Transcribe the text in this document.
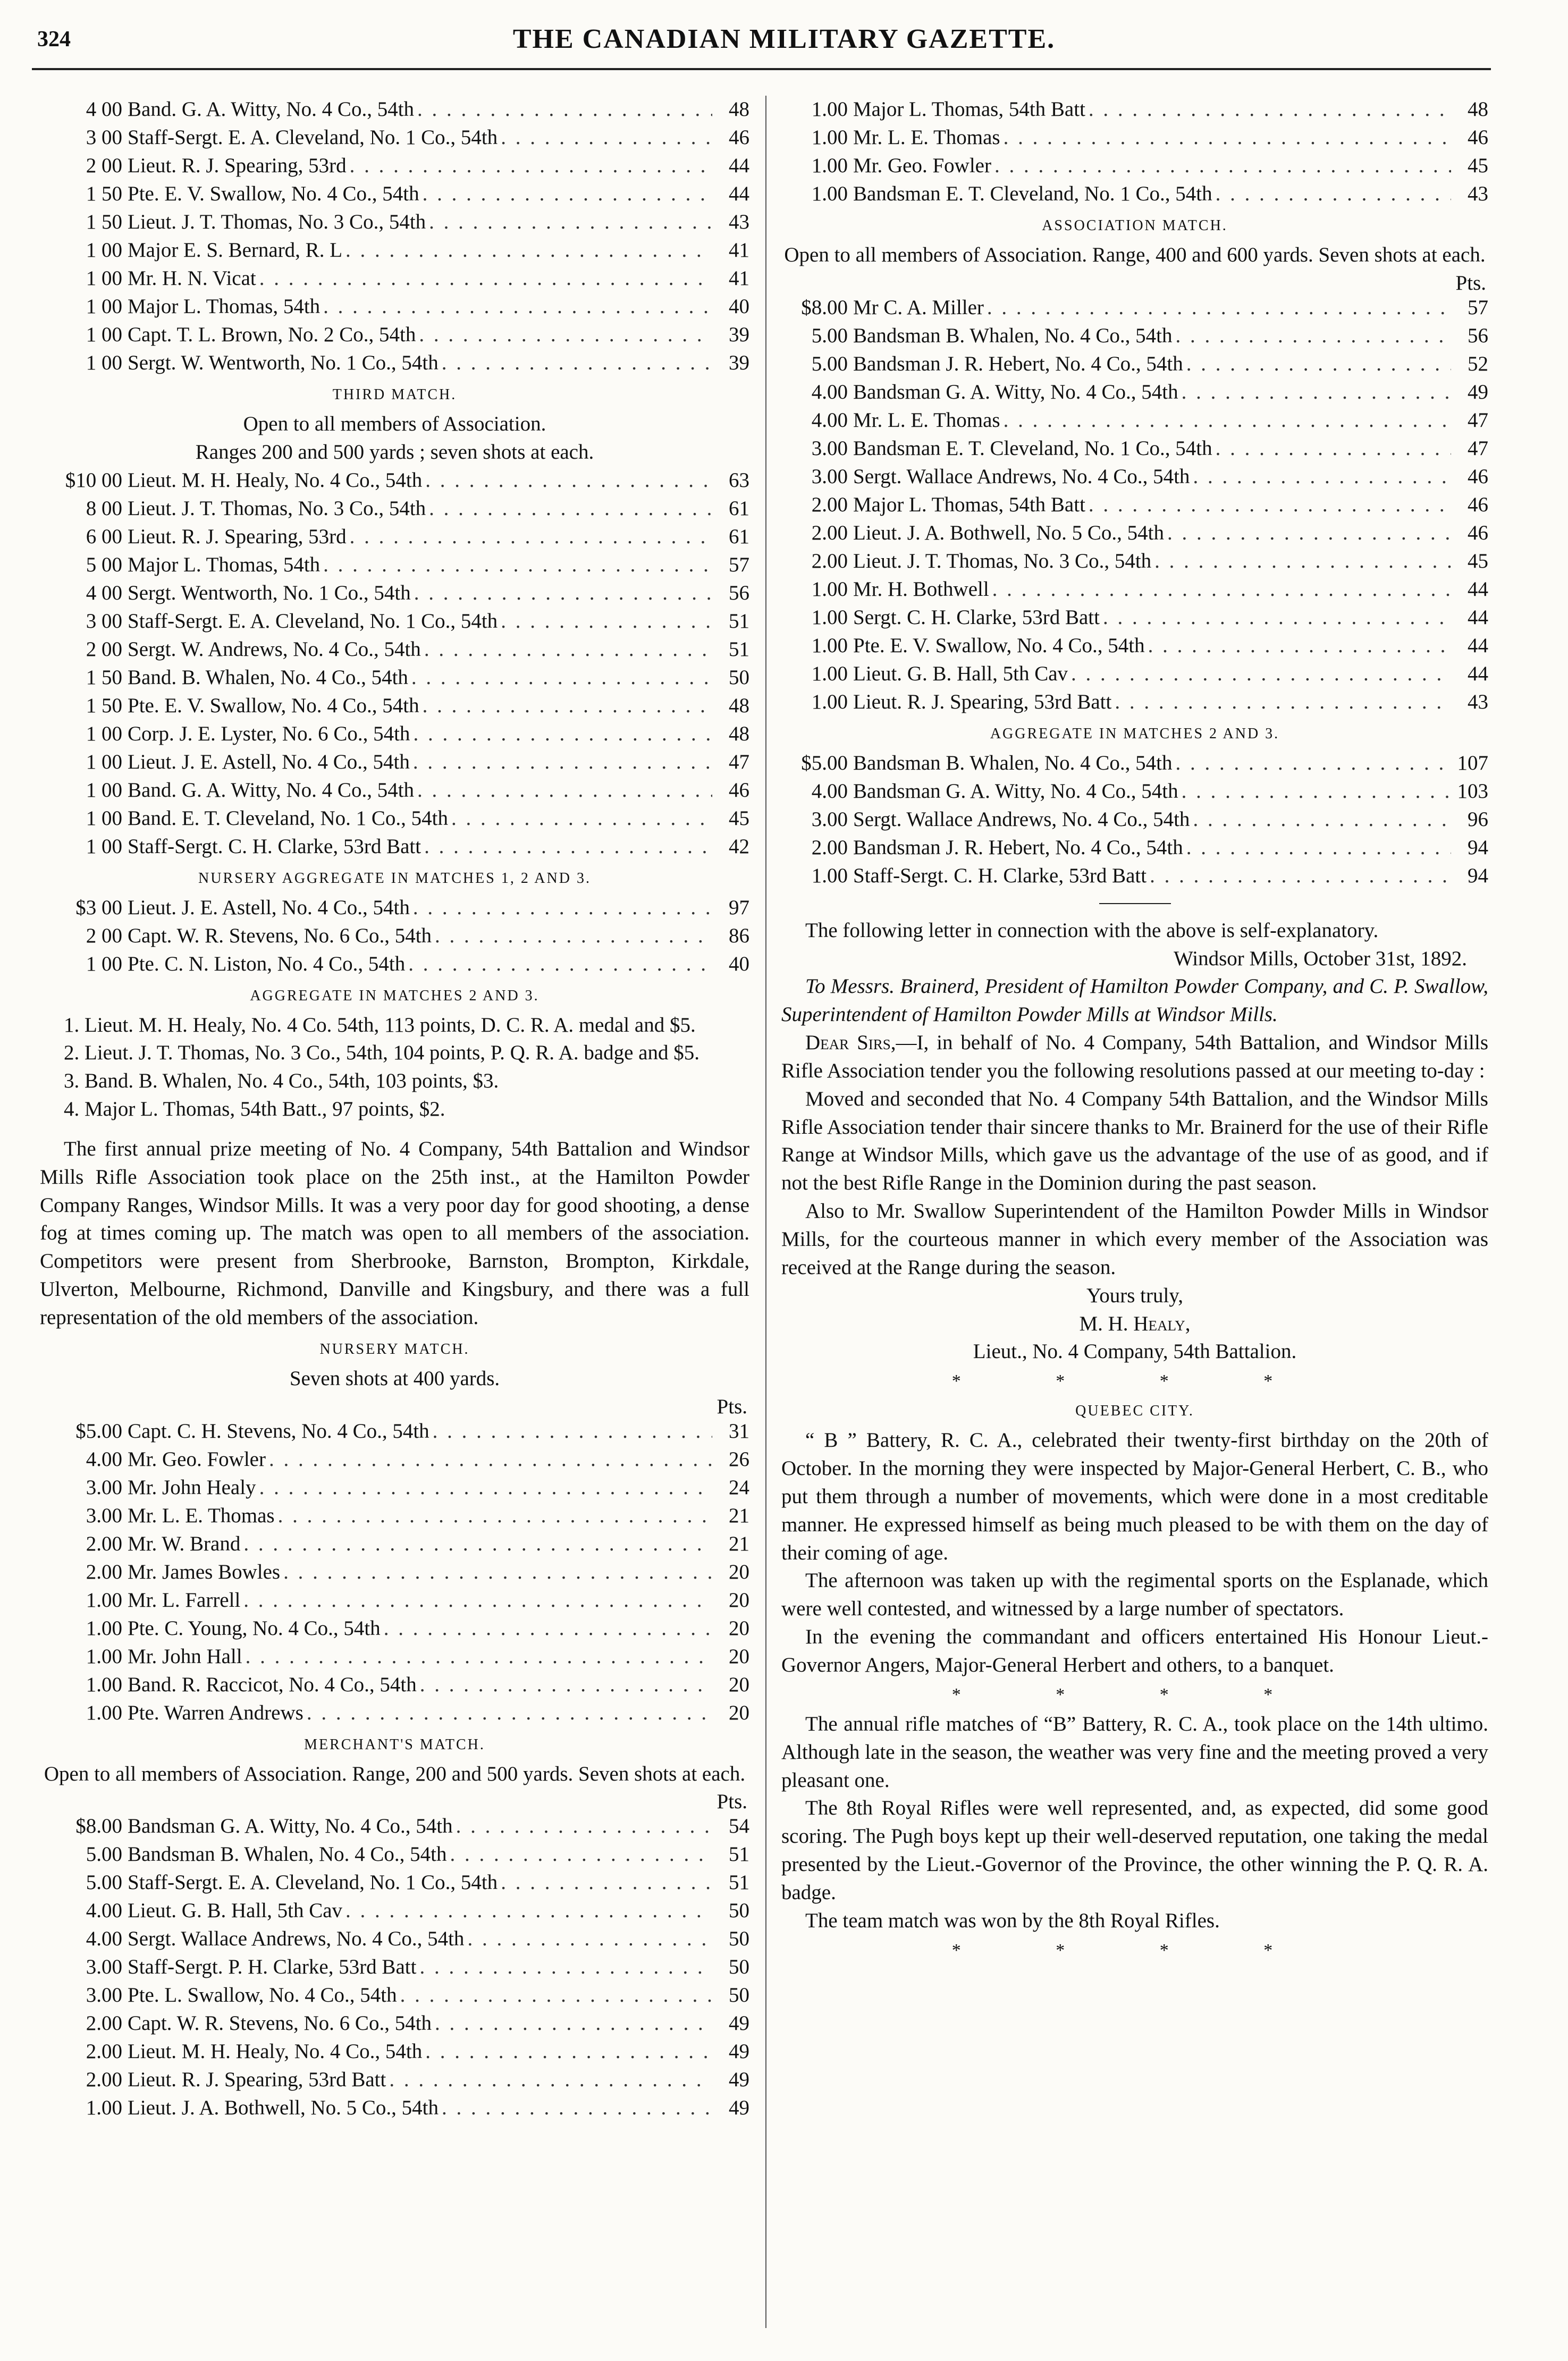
324	THE CANADIAN MILITARY GAZETTE.
4 00 Band. G. A. Witty, No. 4 Co., 54th . . .	48
3 00 Staff-Sergt. E. A. Cleveland, No. 1 Co., 54th . . .	46
2 00 Lieut. R. J. Spearing, 53rd . . .	44
1 50 Pte. E. V. Swallow, No. 4 Co., 54th . . .	44
1 50 Lieut. J. T. Thomas, No. 3 Co., 54th . . .	43
1 00 Major E. S. Bernard, R. L . . .	41
1 00 Mr. H. N. Vicat . . .	41
1 00 Major L. Thomas, 54th . . .	40
1 00 Capt. T. L. Brown, No. 2 Co., 54th . . .	39
1 00 Sergt. W. Wentworth, No. 1 Co., 54th . . .	39
THIRD MATCH.
Open to all members of Association.
Ranges 200 and 500 yards ; seven shots at each.
$10 00 Lieut. M. H. Healy, No. 4 Co., 54th . . .	63
8 00 Lieut. J. T. Thomas, No. 3 Co., 54th . . .	61
6 00 Lieut. R. J. Spearing, 53rd . . .	61
5 00 Major L. Thomas, 54th . . .	57
4 00 Sergt. Wentworth, No. 1 Co., 54th . . .	56
3 00 Staff-Sergt. E. A. Cleveland, No. 1 Co., 54th . . .	51
2 00 Sergt. W. Andrews, No. 4 Co., 54th . . .	51
1 50 Band. B. Whalen, No. 4 Co., 54th . . .	50
1 50 Pte. E. V. Swallow, No. 4 Co., 54th . . .	48
1 00 Corp. J. E. Lyster, No. 6 Co., 54th . . .	48
1 00 Lieut. J. E. Astell, No. 4 Co., 54th . . .	47
1 00 Band. G. A. Witty, No. 4 Co., 54th . . .	46
1 00 Band. E. T. Cleveland, No. 1 Co., 54th . . .	45
1 00 Staff-Sergt. C. H. Clarke, 53rd Batt . . .	42
NURSERY AGGREGATE IN MATCHES 1, 2 AND 3.
$3 00 Lieut. J. E. Astell, No. 4 Co., 54th . . .	97
2 00 Capt. W. R. Stevens, No. 6 Co., 54th . . .	86
1 00 Pte. C. N. Liston, No. 4 Co., 54th . . .	40
AGGREGATE IN MATCHES 2 AND 3.

1. Lieut. M. H. Healy, No. 4 Co. 54th, 113 points, D. C. R. A. medal and $5.

2. Lieut. J. T. Thomas, No. 3 Co., 54th, 104 points, P. Q. R. A. badge and $5.

3. Band. B. Whalen, No. 4 Co., 54th, 103 points, $3.

4. Major L. Thomas, 54th Batt., 97 points, $2.

The first annual prize meeting of No. 4 Company, 54th Battalion and Windsor Mills Rifle Association took place on the 25th inst., at the Hamilton Powder Company Ranges, Windsor Mills. It was a very poor day for good shooting, a dense fog at times coming up. The match was open to all members of the association. Competitors were present from Sherbrooke, Barnston, Brompton, Kirkdale, Ulverton, Melbourne, Richmond, Danville and Kingsbury, and there was a full representation of the old members of the association.

NURSERY MATCH.
Seven shots at 400 yards.
Pts.
$5.00 Capt. C. H. Stevens, No. 4 Co., 54th . . .	31
4.00 Mr. Geo. Fowler . . .	26
3.00 Mr. John Healy . . .	24
3.00 Mr. L. E. Thomas . . .	21
2.00 Mr. W. Brand . . .	21
2.00 Mr. James Bowles . . .	20
1.00 Mr. L. Farrell . . .	20
1.00 Pte. C. Young, No. 4 Co., 54th . . .	20
1.00 Mr. John Hall . . .	20
1.00 Band. R. Raccicot, No. 4 Co., 54th . . .	20
1.00 Pte. Warren Andrews . . .	20
MERCHANT'S MATCH.
Open to all members of Association. Range, 200 and 500 yards. Seven shots at each.
Pts.
$8.00 Bandsman G. A. Witty, No. 4 Co., 54th . . .	54
5.00 Bandsman B. Whalen, No. 4 Co., 54th . . .	51
5.00 Staff-Sergt. E. A. Cleveland, No. 1 Co., 54th . . .	51
4.00 Lieut. G. B. Hall, 5th Cav . . .	50
4.00 Sergt. Wallace Andrews, No. 4 Co., 54th . . .	50
3.00 Staff-Sergt. P. H. Clarke, 53rd Batt . . .	50
3.00 Pte. L. Swallow, No. 4 Co., 54th . . .	50
2.00 Capt. W. R. Stevens, No. 6 Co., 54th . . .	49
2.00 Lieut. M. H. Healy, No. 4 Co., 54th . . .	49
2.00 Lieut. R. J. Spearing, 53rd Batt . . .	49
1.00 Lieut. J. A. Bothwell, No. 5 Co., 54th . . .	49
1.00 Major L. Thomas, 54th Batt . . .	48
1.00 Mr. L. E. Thomas . . .	46
1.00 Mr. Geo. Fowler . . .	45
1.00 Bandsman E. T. Cleveland, No. 1 Co., 54th . . .	43
ASSOCIATION MATCH.
Open to all members of Association. Range, 400 and 600 yards. Seven shots at each.
Pts.
$8.00 Mr C. A. Miller . . .	57
5.00 Bandsman B. Whalen, No. 4 Co., 54th . . .	56
5.00 Bandsman J. R. Hebert, No. 4 Co., 54th . . .	52
4.00 Bandsman G. A. Witty, No. 4 Co., 54th . . .	49
4.00 Mr. L. E. Thomas . . .	47
3.00 Bandsman E. T. Cleveland, No. 1 Co., 54th . . .	47
3.00 Sergt. Wallace Andrews, No. 4 Co., 54th . . .	46
2.00 Major L. Thomas, 54th Batt . . .	46
2.00 Lieut. J. A. Bothwell, No. 5 Co., 54th . . .	46
2.00 Lieut. J. T. Thomas, No. 3 Co., 54th . . .	45
1.00 Mr. H. Bothwell . . .	44
1.00 Sergt. C. H. Clarke, 53rd Batt . . .	44
1.00 Pte. E. V. Swallow, No. 4 Co., 54th . . .	44
1.00 Lieut. G. B. Hall, 5th Cav . . .	44
1.00 Lieut. R. J. Spearing, 53rd Batt . . .	43
AGGREGATE IN MATCHES 2 AND 3.
$5.00 Bandsman B. Whalen, No. 4 Co., 54th . . .	107
4.00 Bandsman G. A. Witty, No. 4 Co., 54th . . .	103
3.00 Sergt. Wallace Andrews, No. 4 Co., 54th . . .	96
2.00 Bandsman J. R. Hebert, No. 4 Co., 54th . . .	94
1.00 Staff-Sergt. C. H. Clarke, 53rd Batt . . .	94

The following letter in connection with the above is self-explanatory.

Windsor Mills, October 31st, 1892.

To Messrs. Brainerd, President of Hamilton Powder Company, and C. P. Swallow, Superintendent of Hamilton Powder Mills at Windsor Mills.

Dear Sirs,—I, in behalf of No. 4 Company, 54th Battalion, and Windsor Mills Rifle Association tender you the following resolutions passed at our meeting to-day :

Moved and seconded that No. 4 Company 54th Battalion, and the Windsor Mills Rifle Association tender thair sincere thanks to Mr. Brainerd for the use of their Rifle Range at Windsor Mills, which gave us the advantage of the use of as good, and if not the best Rifle Range in the Dominion during the past season.

Also to Mr. Swallow Superintendent of the Hamilton Powder Mills in Windsor Mills, for the courteous manner in which every member of the Association was received at the Range during the season.

Yours truly,
M. H. Healy,
Lieut., No. 4 Company, 54th Battalion.
* * * *
QUEBEC CITY.

“ B ” Battery, R. C. A., celebrated their twenty-first birthday on the 20th of October. In the morning they were inspected by Major-General Herbert, C. B., who put them through a number of movements, which were done in a most creditable manner. He expressed himself as being much pleased to be with them on the day of their coming of age.

The afternoon was taken up with the regimental sports on the Esplanade, which were well contested, and witnessed by a large number of spectators.

In the evening the commandant and officers entertained His Honour Lieut.-Governor Angers, Major-General Herbert and others, to a banquet.

* * * *

The annual rifle matches of “B” Battery, R. C. A., took place on the 14th ultimo. Although late in the season, the weather was very fine and the meeting proved a very pleasant one.

The 8th Royal Rifles were well represented, and, as expected, did some good scoring. The Pugh boys kept up their well-deserved reputation, one taking the medal presented by the Lieut.-Governor of the Province, the other winning the P. Q. R. A. badge.

The team match was won by the 8th Royal Rifles.

* * * *
